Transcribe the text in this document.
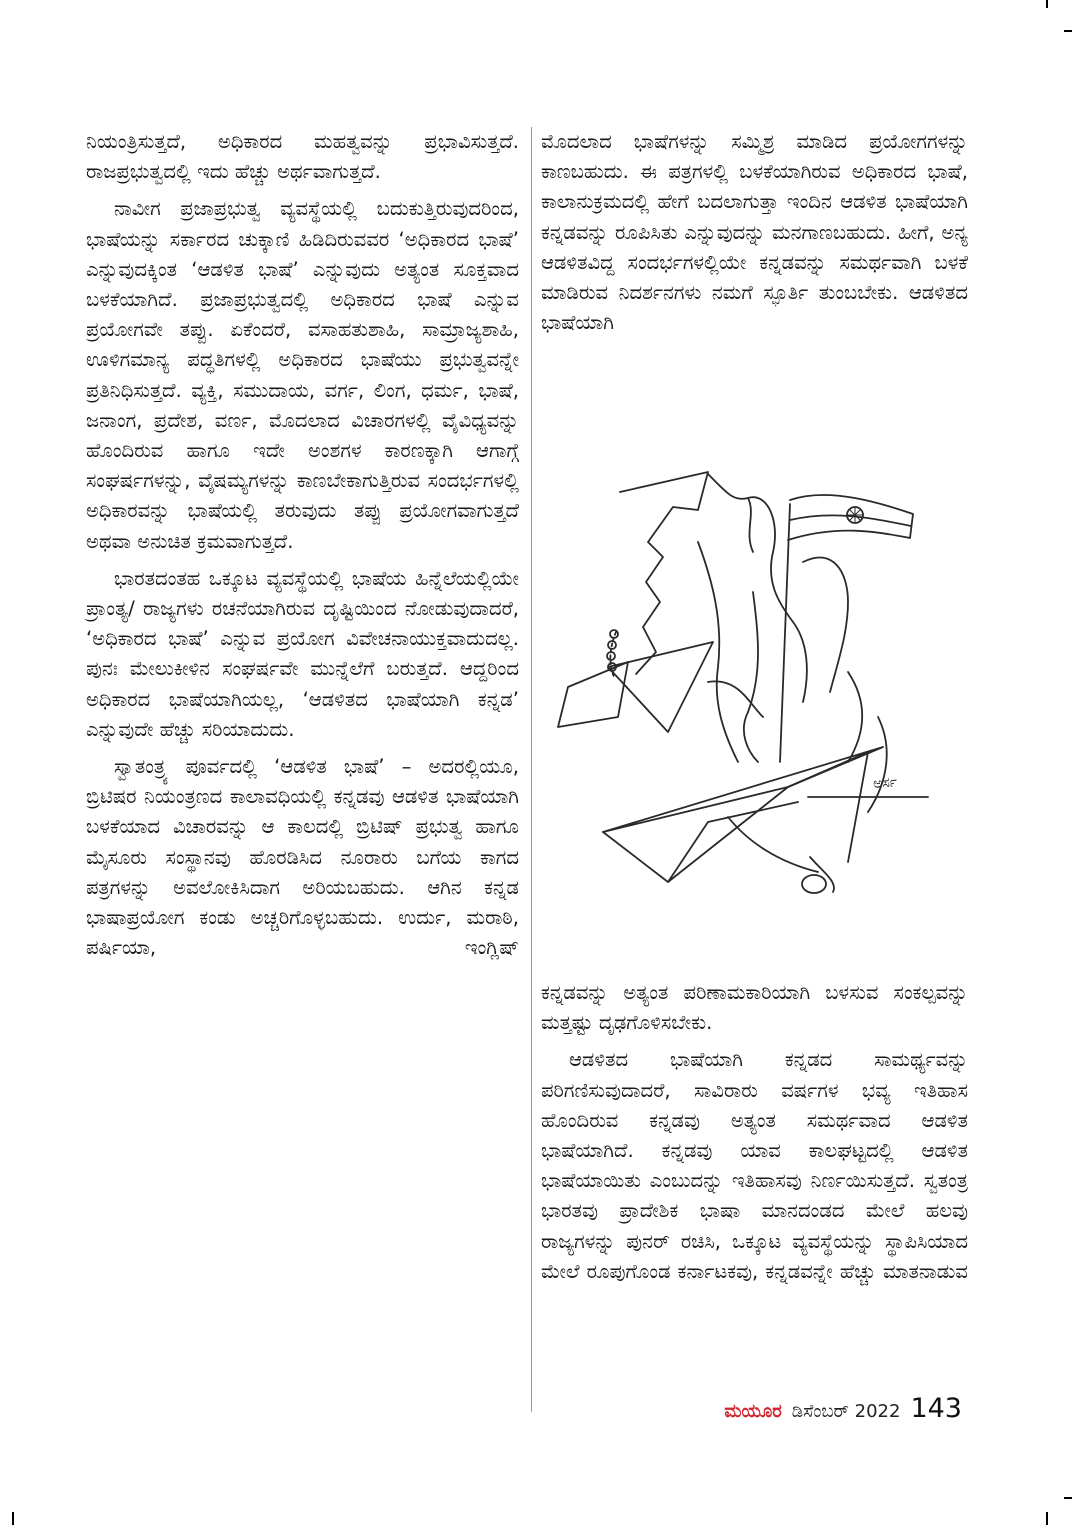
ನಿಯಂತ್ರಿಸುತ್ತದೆ, ಅಧಿಕಾರದ ಮಹತ್ವವನ್ನು ಪ್ರಭಾವಿಸುತ್ತದೆ. ರಾಜಪ್ರಭುತ್ವದಲ್ಲಿ ಇದು ಹೆಚ್ಚು ಅರ್ಥವಾಗುತ್ತದೆ.

ನಾವೀಗ ಪ್ರಜಾಪ್ರಭುತ್ವ ವ್ಯವಸ್ಥೆಯಲ್ಲಿ ಬದುಕುತ್ತಿರುವುದರಿಂದ, ಭಾಷೆಯನ್ನು ಸರ್ಕಾರದ ಚುಕ್ಕಾಣಿ ಹಿಡಿದಿರುವವರ ‘ಅಧಿಕಾರದ ಭಾಷೆ’ ಎನ್ನುವುದಕ್ಕಿಂತ ‘ಆಡಳಿತ ಭಾಷೆ’ ಎನ್ನುವುದು ಅತ್ಯಂತ ಸೂಕ್ತವಾದ ಬಳಕೆಯಾಗಿದೆ. ಪ್ರಜಾಪ್ರಭುತ್ವದಲ್ಲಿ ಅಧಿಕಾರದ ಭಾಷೆ ಎನ್ನುವ ಪ್ರಯೋಗವೇ ತಪ್ಪು. ಏಕೆಂದರೆ, ವಸಾಹತುಶಾಹಿ, ಸಾಮ್ರಾಜ್ಯಶಾಹಿ, ಊಳಿಗಮಾನ್ಯ ಪದ್ಧತಿಗಳಲ್ಲಿ ಅಧಿಕಾರದ ಭಾಷೆಯು ಪ್ರಭುತ್ವವನ್ನೇ ಪ್ರತಿನಿಧಿಸುತ್ತದೆ. ವ್ಯಕ್ತಿ, ಸಮುದಾಯ, ವರ್ಗ, ಲಿಂಗ, ಧರ್ಮ, ಭಾಷೆ, ಜನಾಂಗ, ಪ್ರದೇಶ, ವರ್ಣ, ಮೊದಲಾದ ವಿಚಾರಗಳಲ್ಲಿ ವೈವಿಧ್ಯವನ್ನು ಹೊಂದಿರುವ ಹಾಗೂ ಇದೇ ಅಂಶಗಳ ಕಾರಣಕ್ಕಾಗಿ ಆಗಾಗ್ಗೆ ಸಂಘರ್ಷಗಳನ್ನು, ವೈಷಮ್ಯಗಳನ್ನು ಕಾಣಬೇಕಾಗುತ್ತಿರುವ ಸಂದರ್ಭಗಳಲ್ಲಿ ಅಧಿಕಾರವನ್ನು ಭಾಷೆಯಲ್ಲಿ ತರುವುದು ತಪ್ಪು ಪ್ರಯೋಗವಾಗುತ್ತದೆ ಅಥವಾ ಅನುಚಿತ ಕ್ರಮವಾಗುತ್ತದೆ.

ಭಾರತದಂತಹ ಒಕ್ಕೂಟ ವ್ಯವಸ್ಥೆಯಲ್ಲಿ ಭಾಷೆಯ ಹಿನ್ನೆಲೆಯಲ್ಲಿಯೇ ಪ್ರಾಂತ್ಯ/ ರಾಜ್ಯಗಳು ರಚನೆಯಾಗಿರುವ ದೃಷ್ಟಿಯಿಂದ ನೋಡುವುದಾದರೆ, ‘ಅಧಿಕಾರದ ಭಾಷೆ’ ಎನ್ನುವ ಪ್ರಯೋಗ ವಿವೇಚನಾಯುಕ್ತವಾದುದಲ್ಲ. ಪುನಃ ಮೇಲುಕೀಳಿನ ಸಂಘರ್ಷವೇ ಮುನ್ನೆಲೆಗೆ ಬರುತ್ತದೆ. ಆದ್ದರಿಂದ ಅಧಿಕಾರದ ಭಾಷೆಯಾಗಿಯಲ್ಲ, ‘ಆಡಳಿತದ ಭಾಷೆಯಾಗಿ ಕನ್ನಡ’ ಎನ್ನುವುದೇ ಹೆಚ್ಚು ಸರಿಯಾದುದು.

ಸ್ವಾತಂತ್ರ್ಯ ಪೂರ್ವದಲ್ಲಿ ‘ಆಡಳಿತ ಭಾಷೆ’ – ಅದರಲ್ಲಿಯೂ, ಬ್ರಿಟಿಷರ ನಿಯಂತ್ರಣದ ಕಾಲಾವಧಿಯಲ್ಲಿ ಕನ್ನಡವು ಆಡಳಿತ ಭಾಷೆಯಾಗಿ ಬಳಕೆಯಾದ ವಿಚಾರವನ್ನು ಆ ಕಾಲದಲ್ಲಿ ಬ್ರಿಟಿಷ್ ಪ್ರಭುತ್ವ ಹಾಗೂ ಮೈಸೂರು ಸಂಸ್ಥಾನವು ಹೊರಡಿಸಿದ ನೂರಾರು ಬಗೆಯ ಕಾಗದ ಪತ್ರಗಳನ್ನು ಅವಲೋಕಿಸಿದಾಗ ಅರಿಯಬಹುದು. ಆಗಿನ ಕನ್ನಡ ಭಾಷಾಪ್ರಯೋಗ ಕಂಡು ಅಚ್ಚರಿಗೊಳ್ಳಬಹುದು. ಉರ್ದು, ಮರಾಠಿ, ಪರ್ಷಿಯಾ, ಇಂಗ್ಲಿಷ್

ಮೊದಲಾದ ಭಾಷೆಗಳನ್ನು ಸಮ್ಮಿಶ್ರ ಮಾಡಿದ ಪ್ರಯೋಗಗಳನ್ನು ಕಾಣಬಹುದು. ಈ ಪತ್ರಗಳಲ್ಲಿ ಬಳಕೆಯಾಗಿರುವ ಅಧಿಕಾರದ ಭಾಷೆ, ಕಾಲಾನುಕ್ರಮದಲ್ಲಿ ಹೇಗೆ ಬದಲಾಗುತ್ತಾ ಇಂದಿನ ಆಡಳಿತ ಭಾಷೆಯಾಗಿ ಕನ್ನಡವನ್ನು ರೂಪಿಸಿತು ಎನ್ನುವುದನ್ನು ಮನಗಾಣಬಹುದು. ಹೀಗೆ, ಅನ್ಯ ಆಡಳಿತವಿದ್ದ ಸಂದರ್ಭಗಳಲ್ಲಿಯೇ ಕನ್ನಡವನ್ನು ಸಮರ್ಥವಾಗಿ ಬಳಕೆ ಮಾಡಿರುವ ನಿದರ್ಶನಗಳು ನಮಗೆ ಸ್ಫೂರ್ತಿ ತುಂಬಬೇಕು. ಆಡಳಿತದ ಭಾಷೆಯಾಗಿ

ಅರ್ಸ

ಕನ್ನಡವನ್ನು ಅತ್ಯಂತ ಪರಿಣಾಮಕಾರಿಯಾಗಿ ಬಳಸುವ ಸಂಕಲ್ಪವನ್ನು ಮತ್ತಷ್ಟು ದೃಢಗೊಳಿಸಬೇಕು.

ಆಡಳಿತದ ಭಾಷೆಯಾಗಿ ಕನ್ನಡದ ಸಾಮರ್ಥ್ಯವನ್ನು ಪರಿಗಣಿಸುವುದಾದರೆ, ಸಾವಿರಾರು ವರ್ಷಗಳ ಭವ್ಯ ಇತಿಹಾಸ ಹೊಂದಿರುವ ಕನ್ನಡವು ಅತ್ಯಂತ ಸಮರ್ಥವಾದ ಆಡಳಿತ ಭಾಷೆಯಾಗಿದೆ. ಕನ್ನಡವು ಯಾವ ಕಾಲಘಟ್ಟದಲ್ಲಿ ಆಡಳಿತ ಭಾಷೆಯಾಯಿತು ಎಂಬುದನ್ನು ಇತಿಹಾಸವು ನಿರ್ಣಯಿಸುತ್ತದೆ. ಸ್ವತಂತ್ರ ಭಾರತವು ಪ್ರಾದೇಶಿಕ ಭಾಷಾ ಮಾನದಂಡದ ಮೇಲೆ ಹಲವು ರಾಜ್ಯಗಳನ್ನು ಪುನರ್ ರಚಿಸಿ, ಒಕ್ಕೂಟ ವ್ಯವಸ್ಥೆಯನ್ನು ಸ್ಥಾಪಿಸಿಯಾದ ಮೇಲೆ ರೂಪುಗೊಂಡ ಕರ್ನಾಟಕವು, ಕನ್ನಡವನ್ನೇ ಹೆಚ್ಚು ಮಾತನಾಡುವ

ಮಯೂರ ಡಿಸೆಂಬರ್ 2022 143
